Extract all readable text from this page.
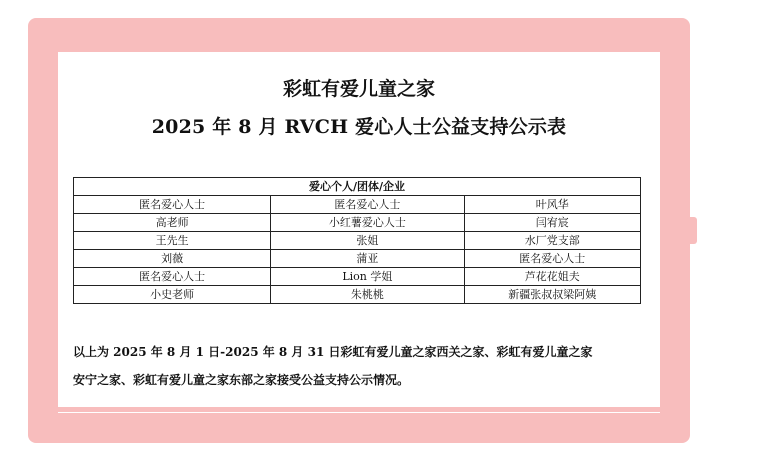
彩虹有爱儿童之家
2025 年 8 月 RVCH 爱心人士公益支持公示表
爱心个人/团体/企业		
匿名爱心人士	匿名爱心人士	叶风华
高老师	小红薯爱心人士	闫宥宸
王先生	张姐	水厂党支部
刘薇	蒲亚	匿名爱心人士
匿名爱心人士	Lion 学姐	芦花花姐夫
小史老师	朱桃桃	新疆张叔叔梁阿姨
以上为 2025 年 8 月 1 日-2025 年 8 月 31 日彩虹有爱儿童之家西关之家、彩虹有爱儿童之家
安宁之家、彩虹有爱儿童之家东部之家接受公益支持公示情况。
